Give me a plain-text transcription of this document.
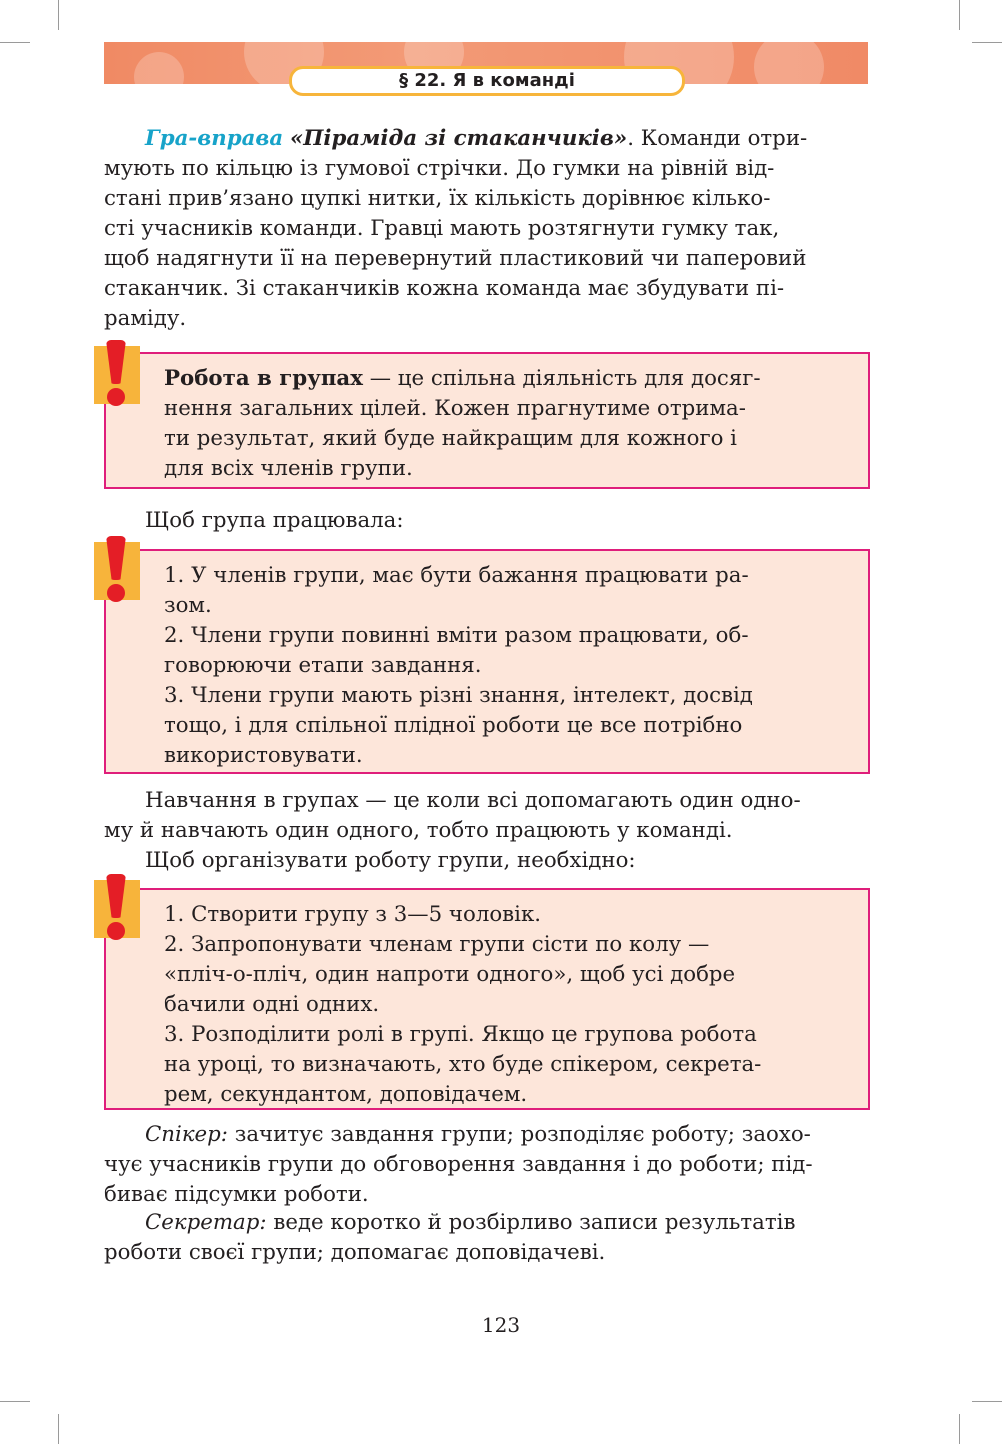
§ 22. Я в команді
Гра-вправа «Піраміда зі стаканчиків». Команди отри-
мують по кільцю із гумової стрічки. До гумки на рівній від-
стані прив’язано цупкі нитки, їх кількість дорівнює кілько-
сті учасників команди. Гравці мають розтягнути гумку так,
щоб надягнути її на перевернутий пластиковий чи паперовий
стаканчик. Зі стаканчиків кожна команда має збудувати пі-
раміду.
Робота в групах — це спільна діяльність для досяг-
нення загальних цілей. Кожен прагнутиме отрима-
ти результат, який буде найкращим для кожного і
для всіх членів групи.
Щоб група працювала:
1. У членів групи, має бути бажання працювати ра-
зом.
2. Члени групи повинні вміти разом працювати, об-
говорюючи етапи завдання.
3. Члени групи мають різні знання, інтелект, досвід
тощо, і для спільної плідної роботи це все потрібно
використовувати.
Навчання в групах — це коли всі допомагають один одно-
му й навчають один одного, тобто працюють у команді.
Щоб організувати роботу групи, необхідно:
1. Створити групу з 3—5 чоловік.
2. Запропонувати членам групи сісти по колу —
«пліч-о-пліч, один напроти одного», щоб усі добре
бачили одні одних.
3. Розподілити ролі в групі. Якщо це групова робота
на уроці, то визначають, хто буде спікером, секрета-
рем, секундантом, доповідачем.
Спікер: зачитує завдання групи; розподіляє роботу; заохо-
чує учасників групи до обговорення завдання і до роботи; під-
биває підсумки роботи.
Секретар: веде коротко й розбірливо записи результатів
роботи своєї групи; допомагає доповідачеві.
123
